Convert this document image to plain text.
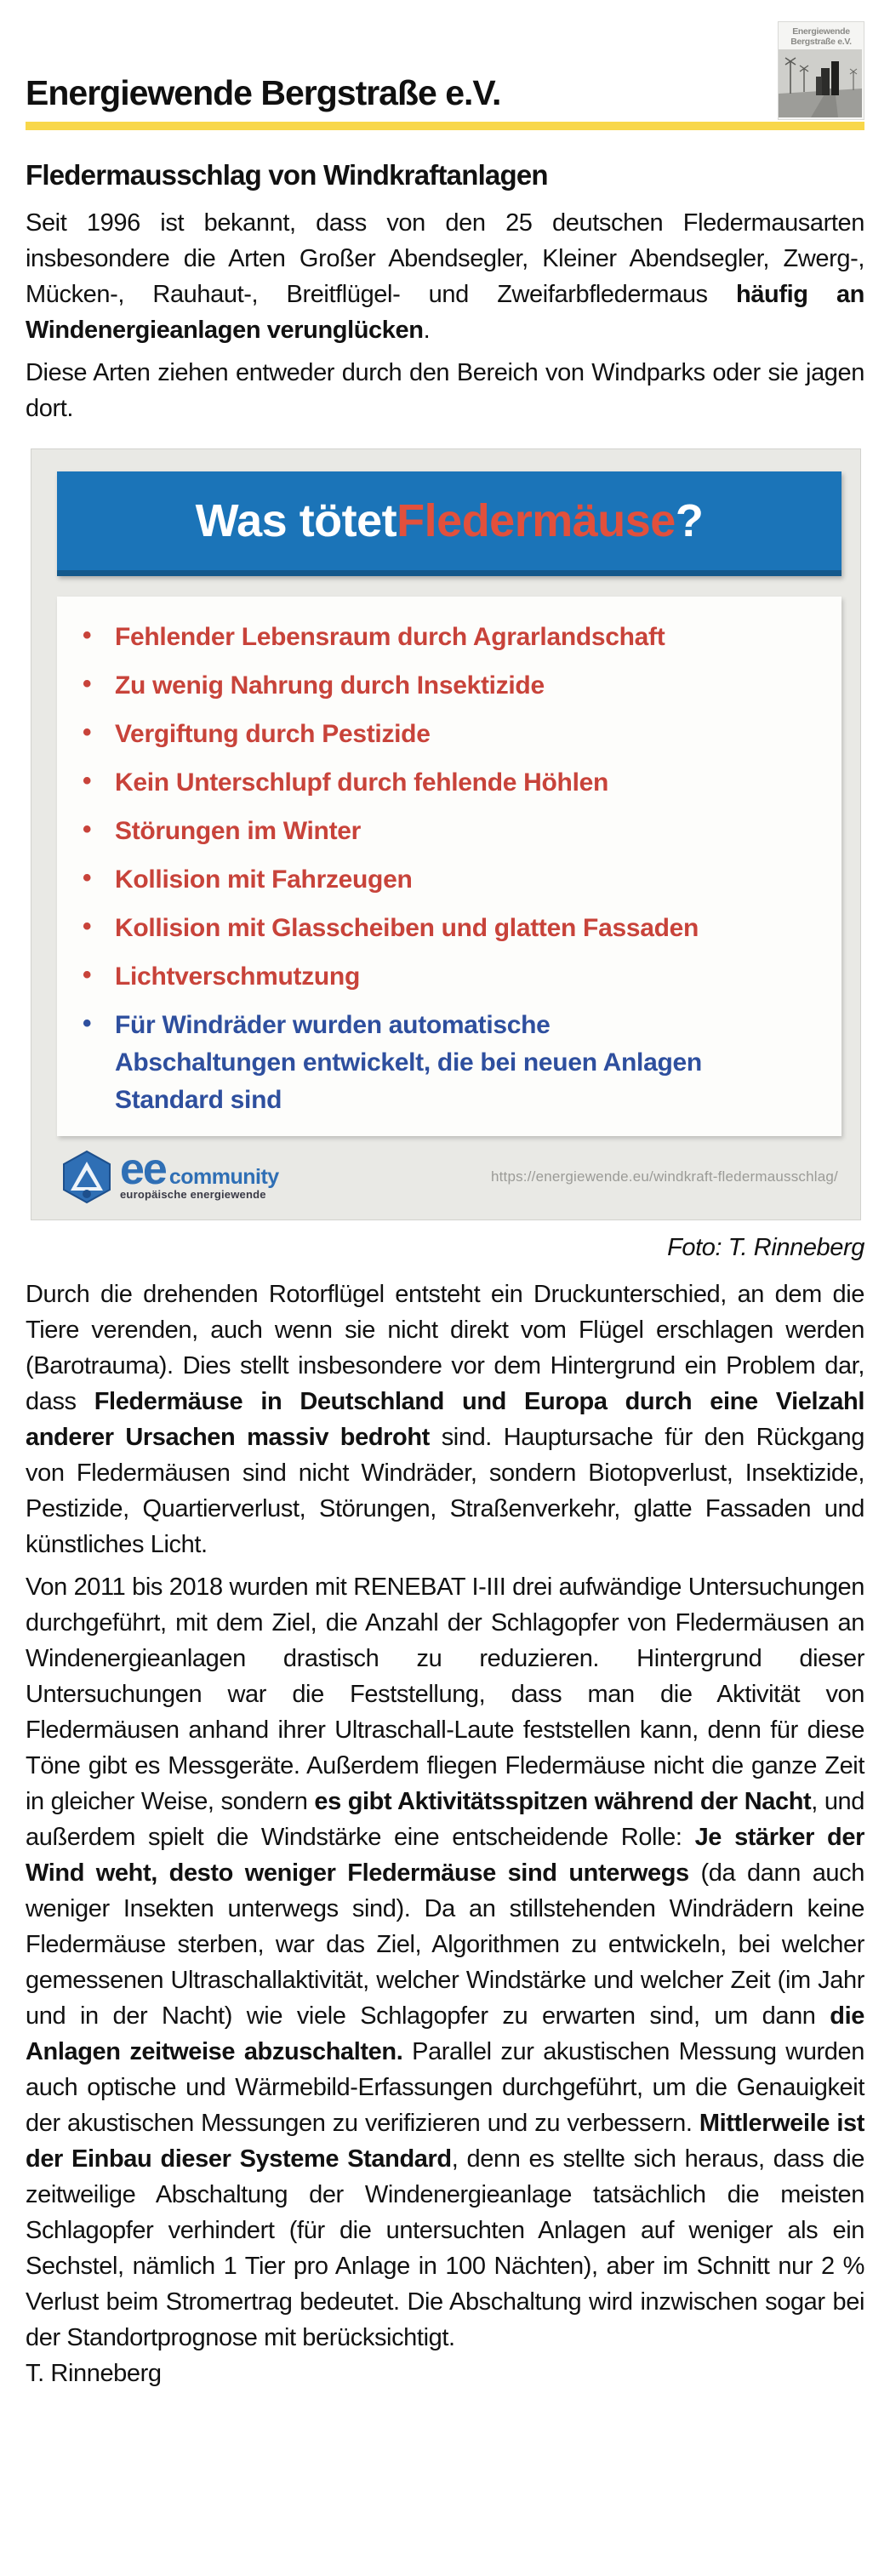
Energiewende Bergstraße e.V.
Energiewende
Bergstraße e.V.
Fledermausschlag von Windkraftanlagen

Seit 1996 ist bekannt, dass von den 25 deutschen Fledermausarten insbesondere die Arten Großer Abendsegler, Kleiner Abendsegler, Zwerg-, Mücken-, Rauhaut-, Breitflügel- und Zweifarbfledermaus häufig an Windenergieanlagen verunglücken.

Diese Arten ziehen entweder durch den Bereich von Windparks oder sie jagen dort.

Was tötet Fledermäuse ?
• Fehlender Lebensraum durch Agrarlandschaft
• Zu wenig Nahrung durch Insektizide
• Vergiftung durch Pestizide
• Kein Unterschlupf durch fehlende Höhlen
• Störungen im Winter
• Kollision mit Fahrzeugen
• Kollision mit Glasscheiben und glatten Fassaden
• Lichtverschmutzung
• Für Windräder wurden automatische Abschaltungen entwickelt, die bei neuen Anlagen Standard sind
ee community
europäische energiewende
https://energiewende.eu/windkraft-fledermausschlag/

Foto: T. Rinneberg

Durch die drehenden Rotorflügel entsteht ein Druckunterschied, an dem die Tiere verenden, auch wenn sie nicht direkt vom Flügel erschlagen werden (Barotrauma). Dies stellt insbesondere vor dem Hintergrund ein Problem dar, dass Fledermäuse in Deutschland und Europa durch eine Vielzahl anderer Ursachen massiv bedroht sind. Hauptursache für den Rückgang von Fledermäusen sind nicht Windräder, sondern Biotopverlust, Insektizide, Pestizide, Quartierverlust, Störungen, Straßenverkehr, glatte Fassaden und künstliches Licht.

Von 2011 bis 2018 wurden mit RENEBAT I-III drei aufwändige Untersuchungen durchgeführt, mit dem Ziel, die Anzahl der Schlagopfer von Fledermäusen an Windenergieanlagen drastisch zu reduzieren. Hintergrund dieser Untersuchungen war die Feststellung, dass man die Aktivität von Fledermäusen anhand ihrer Ultraschall-Laute feststellen kann, denn für diese Töne gibt es Messgeräte. Außerdem fliegen Fledermäuse nicht die ganze Zeit in gleicher Weise, sondern es gibt Aktivitätsspitzen während der Nacht, und außerdem spielt die Windstärke eine entscheidende Rolle: Je stärker der Wind weht, desto weniger Fledermäuse sind unterwegs (da dann auch weniger Insekten unterwegs sind). Da an stillstehenden Windrädern keine Fledermäuse sterben, war das Ziel, Algorithmen zu entwickeln, bei welcher gemessenen Ultraschallaktivität, welcher Windstärke und welcher Zeit (im Jahr und in der Nacht) wie viele Schlagopfer zu erwarten sind, um dann die Anlagen zeitweise abzuschalten. Parallel zur akustischen Messung wurden auch optische und Wärmebild-Erfassungen durchgeführt, um die Genauigkeit der akustischen Messungen zu verifizieren und zu verbessern. Mittlerweile ist der Einbau dieser Systeme Standard, denn es stellte sich heraus, dass die zeitweilige Abschaltung der Windenergieanlage tatsächlich die meisten Schlagopfer verhindert (für die untersuchten Anlagen auf weniger als ein Sechstel, nämlich 1 Tier pro Anlage in 100 Nächten), aber im Schnitt nur 2 % Verlust beim Stromertrag bedeutet. Die Abschaltung wird inzwischen sogar bei der Standortprognose mit berücksichtigt.

T. Rinneberg
